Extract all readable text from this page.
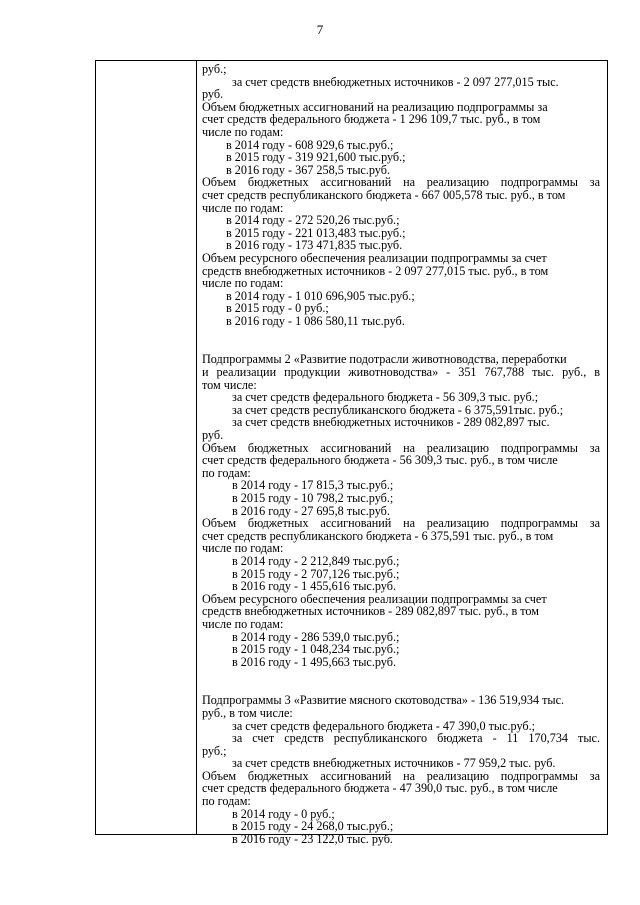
7
руб.;
за счет средств внебюджетных источников - 2 097 277,015 тыс.
руб.
Объем бюджетных ассигнований на реализацию подпрограммы за
счет средств федерального бюджета - 1 296 109,7 тыс. руб., в том
числе по годам:
в 2014 году - 608 929,6 тыс.руб.;
в 2015 году - 319 921,600 тыс.руб.;
в 2016 году - 367 258,5 тыс.руб.
Объем бюджетных ассигнований на реализацию подпрограммы за
счет средств республиканского бюджета - 667 005,578 тыс. руб., в том
числе по годам:
в 2014 году - 272 520,26 тыс.руб.;
в 2015 году - 221 013,483 тыс.руб.;
в 2016 году - 173 471,835 тыс.руб.
Объем ресурсного обеспечения реализации подпрограммы за счет
средств внебюджетных источников - 2 097 277,015 тыс. руб., в том
числе по годам:
в 2014 году - 1 010 696,905 тыс.руб.;
в 2015 году - 0 руб.;
в 2016 году - 1 086 580,11 тыс.руб.
Подпрограммы 2 «Развитие подотрасли животноводства, переработки
и реализации продукции животноводства» - 351 767,788 тыс. руб., в
том числе:
за счет средств федерального бюджета - 56 309,3 тыс. руб.;
за счет средств республиканского бюджета - 6 375,591тыс. руб.;
за счет средств внебюджетных источников - 289 082,897 тыс.
руб.
Объем бюджетных ассигнований на реализацию подпрограммы за
счет средств федерального бюджета - 56 309,3 тыс. руб., в том числе
по годам:
в 2014 году - 17 815,3 тыс.руб.;
в 2015 году - 10 798,2 тыс.руб.;
в 2016 году - 27 695,8 тыс.руб.
Объем бюджетных ассигнований на реализацию подпрограммы за
счет средств республиканского бюджета - 6 375,591 тыс. руб., в том
числе по годам:
в 2014 году - 2 212,849 тыс.руб.;
в 2015 году - 2 707,126 тыс.руб.;
в 2016 году - 1 455,616 тыс.руб.
Объем ресурсного обеспечения реализации подпрограммы за счет
средств внебюджетных источников - 289 082,897 тыс. руб., в том
числе по годам:
в 2014 году - 286 539,0 тыс.руб.;
в 2015 году - 1 048,234 тыс.руб.;
в 2016 году - 1 495,663 тыс.руб.
Подпрограммы 3 «Развитие мясного скотоводства» - 136 519,934 тыс.
руб., в том числе:
за счет средств федерального бюджета - 47 390,0 тыс.руб.;
за счет средств республиканского бюджета - 11 170,734 тыс.
руб.;
за счет средств внебюджетных источников - 77 959,2 тыс. руб.
Объем бюджетных ассигнований на реализацию подпрограммы за
счет средств федерального бюджета - 47 390,0 тыс. руб., в том числе
по годам:
в 2014 году - 0 руб.;
в 2015 году - 24 268,0 тыс.руб.;
в 2016 году - 23 122,0 тыс. руб.
